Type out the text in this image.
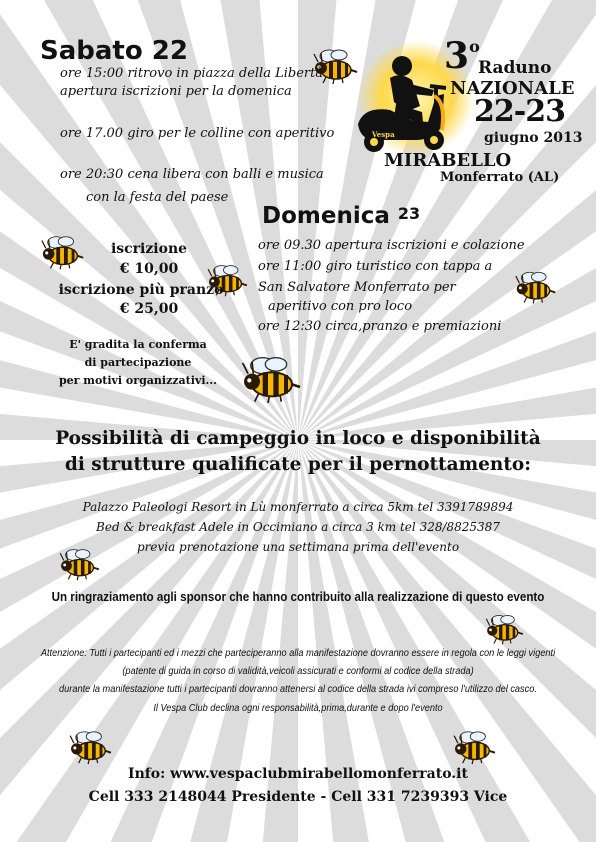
Sabato 22
ore 15:00 ritrovo in piazza della Libertà
apertura iscrizioni per la domenica
ore 17.00 giro per le colline con aperitivo
ore 20:30 cena libera con balli e musica
con la festa del paese
Vespa
3$^o$
Raduno
NAZIONALE
22-23
giugno 2013
MIRABELLO
Monferrato (AL)
Domenica 23
ore 09.30 apertura iscrizioni e colazione
ore 11:00 giro turistico con tappa a
San Salvatore Monferrato per
aperitivo con pro loco
ore 12:30 circa,pranzo e premiazioni
iscrizione
€ 10,00
iscrizione più pranzo
€ 25,00
E' gradita la conferma
di partecipazione
per motivi organizzativi...
Possibilità di campeggio in loco e disponibilità
di strutture qualificate per il pernottamento:
Palazzo Paleologi Resort in Lù monferrato a circa 5km tel 3391789894
Bed & breakfast Adele in Occimiano a circa 3 km tel 328/8825387
previa prenotazione una settimana prima dell'evento
Un ringraziamento agli sponsor che hanno contribuito alla realizzazione di questo evento
Attenzione: Tutti i partecipanti ed i mezzi che parteciperanno alla manifestazione dovranno essere in regola con le leggi vigenti
(patente di guida in corso di validità,veicoli assicurati e conformi al codice della strada)
durante la manifestazione tutti i partecipanti dovranno attenersi al codice della strada ivi compreso l'utilizzo del casco.
Il Vespa Club declina ogni responsabilità,prima,durante e dopo l'evento
Info: www.vespaclubmirabellomonferrato.it
Cell 333 2148044 Presidente - Cell 331 7239393 Vice
